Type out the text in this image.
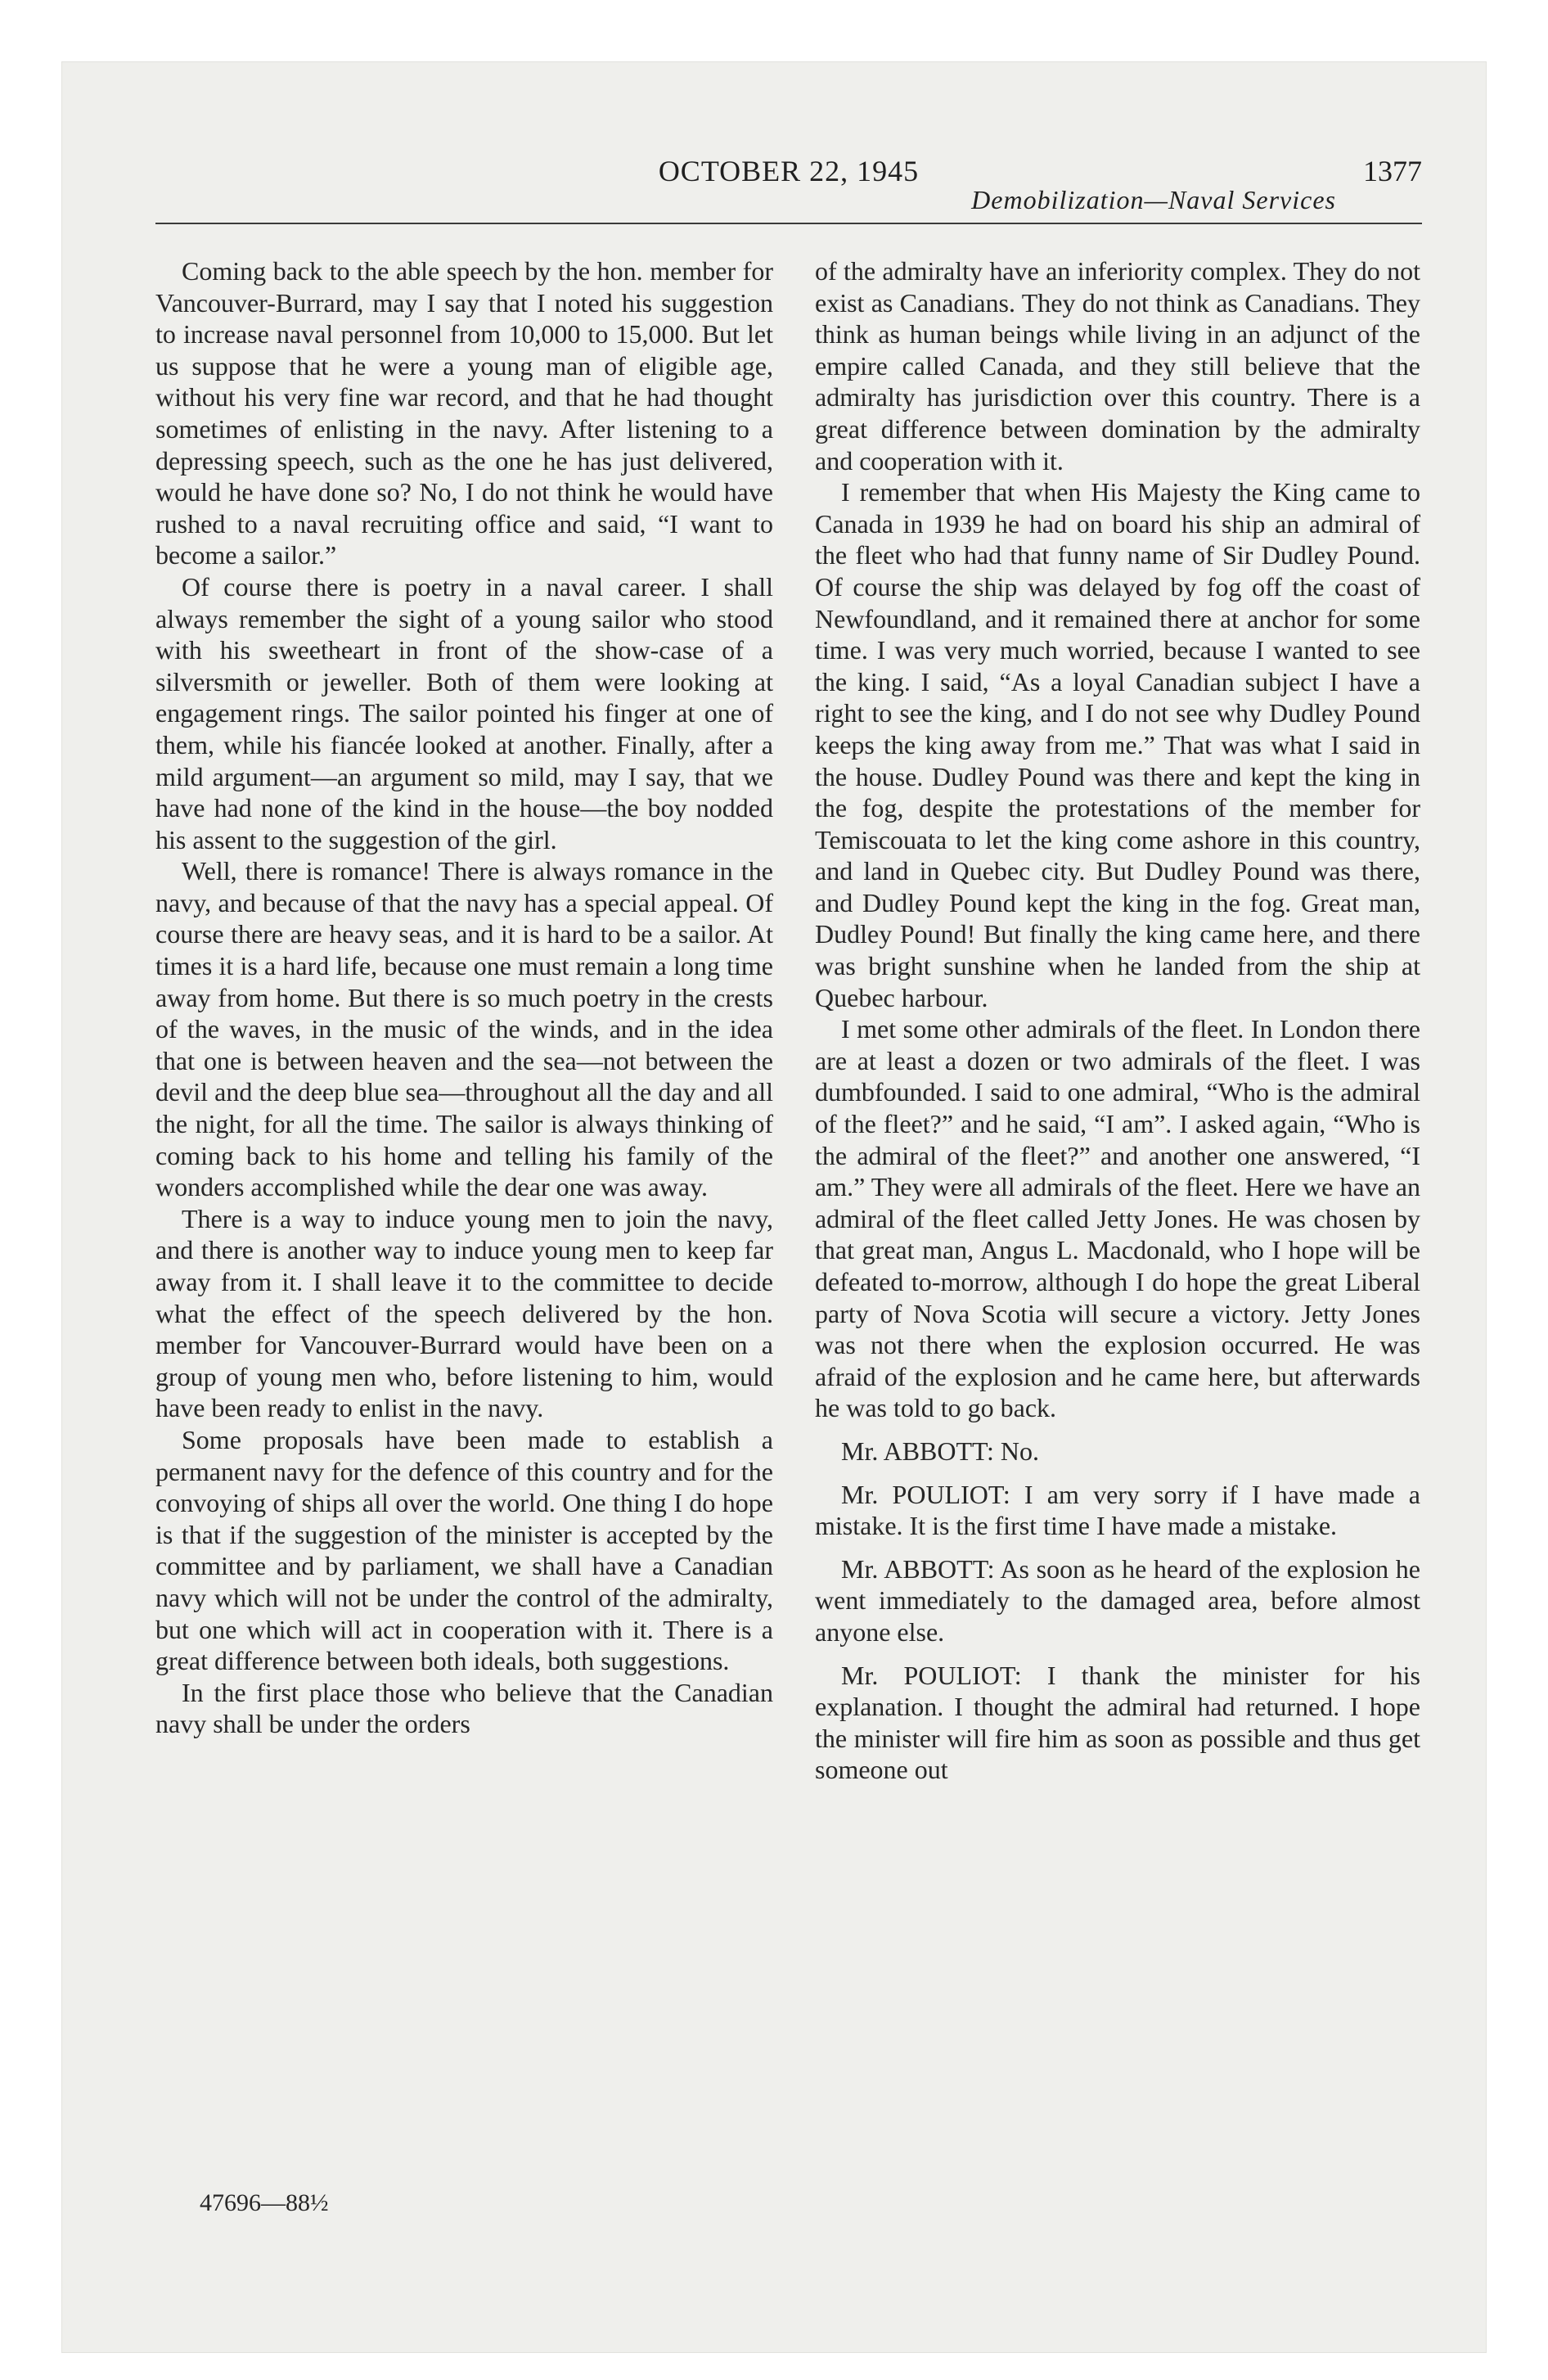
OCTOBER 22, 1945	1377
Demobilization—Naval Services

Coming back to the able speech by the hon. member for Vancouver-Burrard, may I say that I noted his suggestion to increase naval personnel from 10,000 to 15,000. But let us suppose that he were a young man of eligible age, without his very fine war record, and that he had thought sometimes of enlisting in the navy. After listening to a depressing speech, such as the one he has just delivered, would he have done so? No, I do not think he would have rushed to a naval recruiting office and said, “I want to become a sailor.”

Of course there is poetry in a naval career. I shall always remember the sight of a young sailor who stood with his sweetheart in front of the show-case of a silversmith or jeweller. Both of them were looking at engagement rings. The sailor pointed his finger at one of them, while his fiancée looked at another. Finally, after a mild argument—an argument so mild, may I say, that we have had none of the kind in the house—the boy nodded his assent to the suggestion of the girl.

Well, there is romance! There is always romance in the navy, and because of that the navy has a special appeal. Of course there are heavy seas, and it is hard to be a sailor. At times it is a hard life, because one must remain a long time away from home. But there is so much poetry in the crests of the waves, in the music of the winds, and in the idea that one is between heaven and the sea—not between the devil and the deep blue sea—throughout all the day and all the night, for all the time. The sailor is always thinking of coming back to his home and telling his family of the wonders accomplished while the dear one was away.

There is a way to induce young men to join the navy, and there is another way to induce young men to keep far away from it. I shall leave it to the committee to decide what the effect of the speech delivered by the hon. member for Vancouver-Burrard would have been on a group of young men who, before listening to him, would have been ready to enlist in the navy.

Some proposals have been made to establish a permanent navy for the defence of this country and for the convoying of ships all over the world. One thing I do hope is that if the suggestion of the minister is accepted by the committee and by parliament, we shall have a Canadian navy which will not be under the control of the admiralty, but one which will act in cooperation with it. There is a great difference between both ideals, both suggestions.

In the first place those who believe that the Canadian navy shall be under the orders

of the admiralty have an inferiority complex. They do not exist as Canadians. They do not think as Canadians. They think as human beings while living in an adjunct of the empire called Canada, and they still believe that the admiralty has jurisdiction over this country. There is a great difference between domination by the admiralty and cooperation with it.

I remember that when His Majesty the King came to Canada in 1939 he had on board his ship an admiral of the fleet who had that funny name of Sir Dudley Pound. Of course the ship was delayed by fog off the coast of Newfoundland, and it remained there at anchor for some time. I was very much worried, because I wanted to see the king. I said, “As a loyal Canadian subject I have a right to see the king, and I do not see why Dudley Pound keeps the king away from me.” That was what I said in the house. Dudley Pound was there and kept the king in the fog, despite the protestations of the member for Temiscouata to let the king come ashore in this country, and land in Quebec city. But Dudley Pound was there, and Dudley Pound kept the king in the fog. Great man, Dudley Pound! But finally the king came here, and there was bright sunshine when he landed from the ship at Quebec harbour.

I met some other admirals of the fleet. In London there are at least a dozen or two admirals of the fleet. I was dumbfounded. I said to one admiral, “Who is the admiral of the fleet?” and he said, “I am”. I asked again, “Who is the admiral of the fleet?” and another one answered, “I am.” They were all admirals of the fleet. Here we have an admiral of the fleet called Jetty Jones. He was chosen by that great man, Angus L. Macdonald, who I hope will be defeated to-morrow, although I do hope the great Liberal party of Nova Scotia will secure a victory. Jetty Jones was not there when the explosion occurred. He was afraid of the explosion and he came here, but afterwards he was told to go back.

Mr. ABBOTT: No.

Mr. POULIOT: I am very sorry if I have made a mistake. It is the first time I have made a mistake.

Mr. ABBOTT: As soon as he heard of the explosion he went immediately to the damaged area, before almost anyone else.

Mr. POULIOT: I thank the minister for his explanation. I thought the admiral had returned. I hope the minister will fire him as soon as possible and thus get someone out

47696—88½
